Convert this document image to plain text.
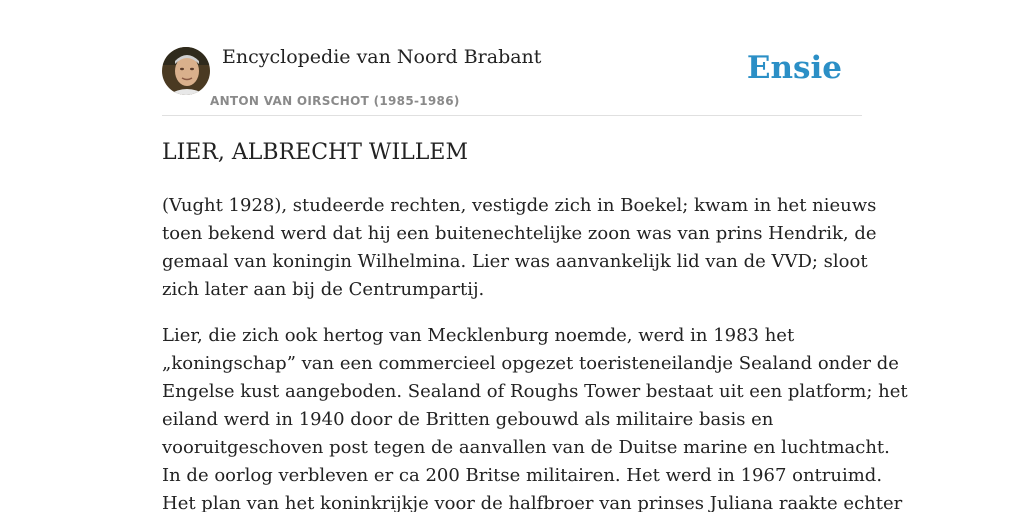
Encyclopedie van Noord Brabant
ANTON VAN OIRSCHOT (1985-1986)
Ensie
LIER, ALBRECHT WILLEM

(Vught 1928), studeerde rechten, vestigde zich in Boekel; kwam in het nieuws
toen bekend werd dat hij een buitenechtelijke zoon was van prins Hendrik, de
gemaal van koningin Wilhelmina. Lier was aanvankelijk lid van de VVD; sloot
zich later aan bij de Centrumpartij.

Lier, die zich ook hertog van Mecklenburg noemde, werd in 1983 het
„koningschap” van een commercieel opgezet toeristeneilandje Sealand onder de
Engelse kust aangeboden. Sealand of Roughs Tower bestaat uit een platform; het
eiland werd in 1940 door de Britten gebouwd als militaire basis en
vooruitgeschoven post tegen de aanvallen van de Duitse marine en luchtmacht.
In de oorlog verbleven er ca 200 Britse militairen. Het werd in 1967 ontruimd.
Het plan van het koninkrijkje voor de halfbroer van prinses Juliana raakte echter
